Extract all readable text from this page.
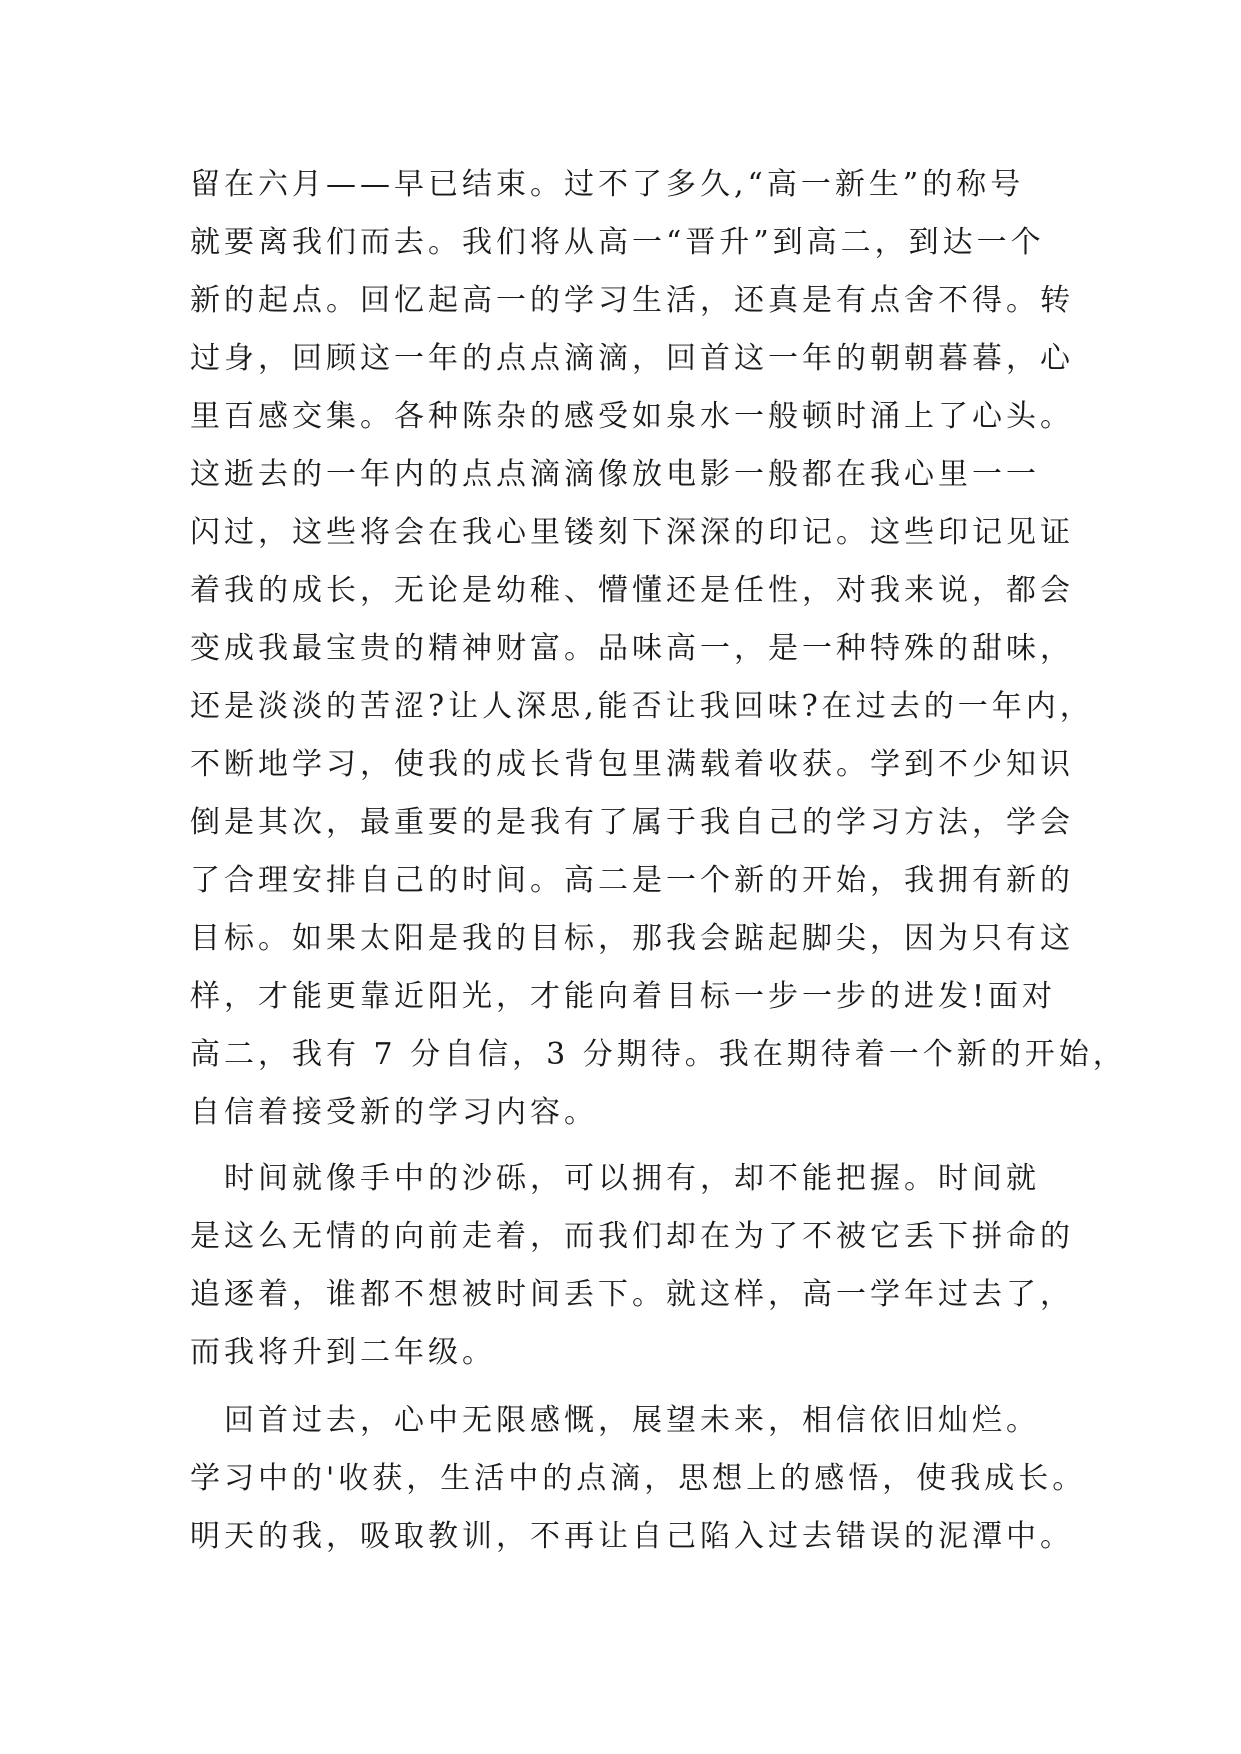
留在六月——早已结束。过不了多久,“高一新生”的称号
就要离我们而去。我们将从高一“晋升”到高二，到达一个
新的起点。回忆起高一的学习生活，还真是有点舍不得。转
过身，回顾这一年的点点滴滴，回首这一年的朝朝暮暮，心
里百感交集。各种陈杂的感受如泉水一般顿时涌上了心头。
这逝去的一年内的点点滴滴像放电影一般都在我心里一一
闪过，这些将会在我心里镂刻下深深的印记。这些印记见证
着我的成长，无论是幼稚、懵懂还是任性，对我来说，都会
变成我最宝贵的精神财富。品味高一，是一种特殊的甜味，
还是淡淡的苦涩?让人深思,能否让我回味?在过去的一年内，
不断地学习，使我的成长背包里满载着收获。学到不少知识
倒是其次，最重要的是我有了属于我自己的学习方法，学会
了合理安排自己的时间。高二是一个新的开始，我拥有新的
目标。如果太阳是我的目标，那我会踮起脚尖，因为只有这
样，才能更靠近阳光，才能向着目标一步一步的进发!面对
高二，我有 7 分自信，3 分期待。我在期待着一个新的开始，
自信着接受新的学习内容。
　时间就像手中的沙砾，可以拥有，却不能把握。时间就
是这么无情的向前走着，而我们却在为了不被它丢下拼命的
追逐着，谁都不想被时间丢下。就这样，高一学年过去了，
而我将升到二年级。
　回首过去，心中无限感慨，展望未来，相信依旧灿烂。
学习中的'收获，生活中的点滴，思想上的感悟，使我成长。
明天的我，吸取教训，不再让自己陷入过去错误的泥潭中。
